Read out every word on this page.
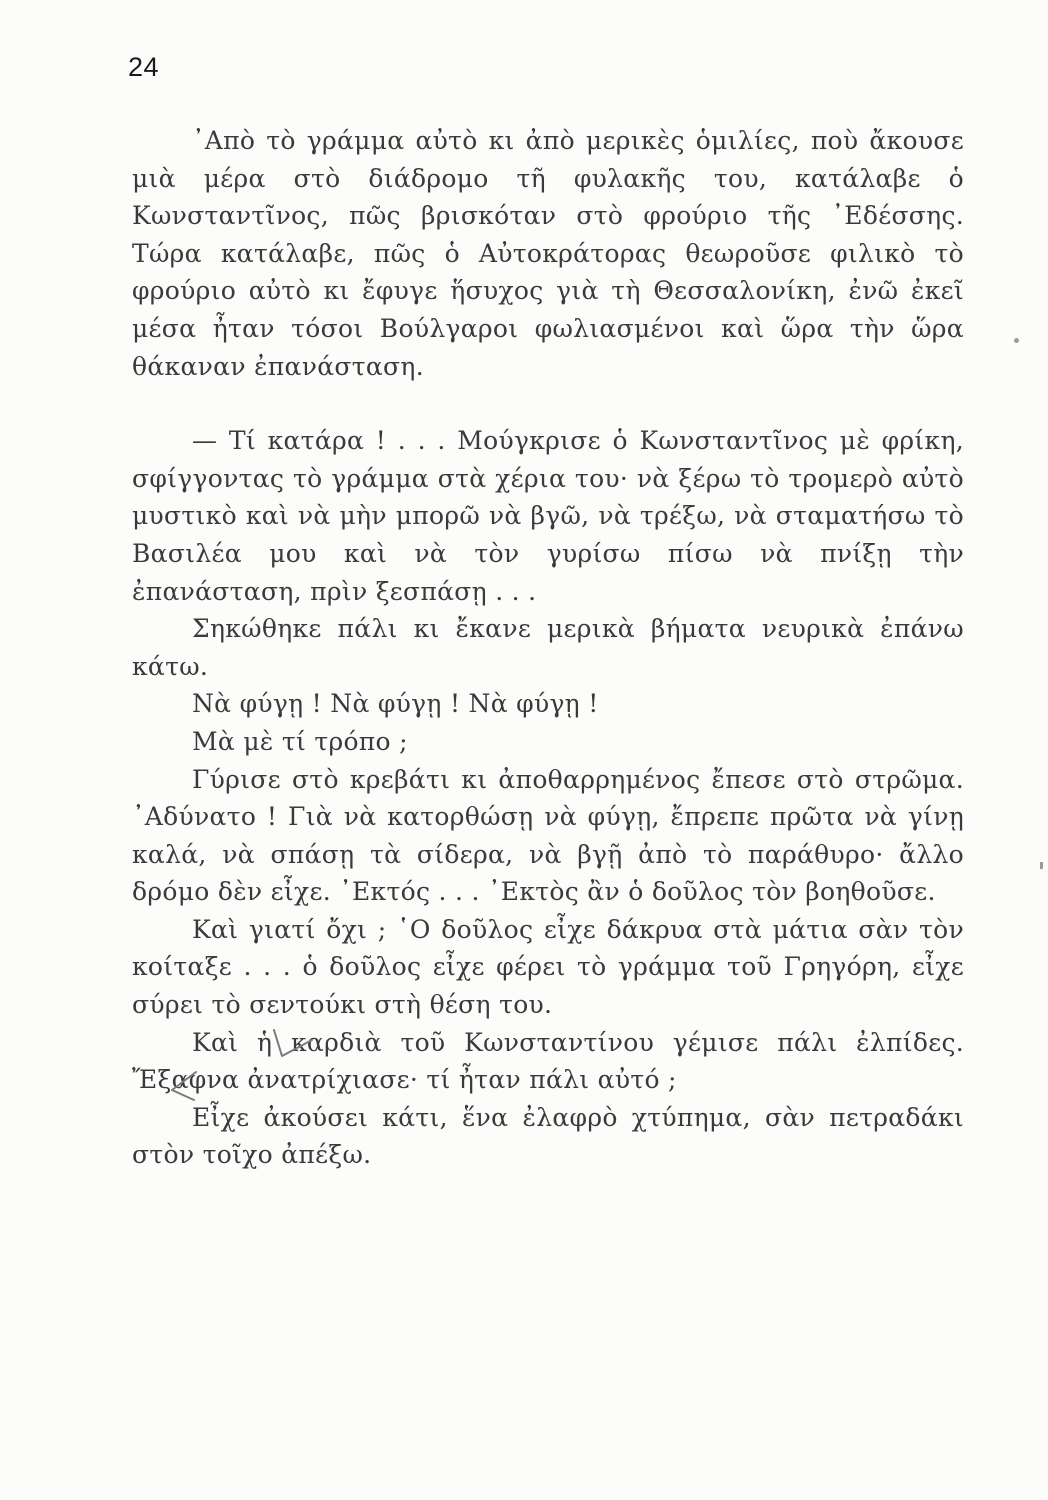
24

᾿Απὸ τὸ γράμμα αὐτὸ κι ἀπὸ μερικὲς ὁμιλίες, ποὺ ἄκουσε μιὰ μέρα στὸ διάδρομο τῆ φυλακῆς του, κατάλαβε ὁ Κωνσταντῖνος, πῶς βρισκόταν στὸ φρούριο τῆς ᾿Εδέσσης. Τώρα κατάλαβε, πῶς ὁ Αὐτοκράτορας θεωροῦσε φιλικὸ τὸ φρούριο αὐτὸ κι ἔφυγε ἥσυχος γιὰ τὴ Θεσσαλονίκη, ἐνῶ ἐκεῖ μέσα ἦταν τόσοι Βούλγαροι φωλιασμένοι καὶ ὥρα τὴν ὥρα θάκαναν ἐπανάσταση.

— Τί κατάρα ! . . . Μούγκρισε ὁ Κωνσταντῖνος μὲ φρίκη, σφίγγοντας τὸ γράμμα στὰ χέρια του· νὰ ξέρω τὸ τρομερὸ αὐτὸ μυστικὸ καὶ νὰ μὴν μπορῶ νὰ βγῶ, νὰ τρέξω, νὰ σταματήσω τὸ Βασιλέα μου καὶ νὰ τὸν γυρίσω πίσω νὰ πνίξῃ τὴν ἐπανάσταση, πρὶν ξεσπάσῃ . . .

Σηκώθηκε πάλι κι ἔκανε μερικὰ βήματα νευρικὰ ἐπάνω κάτω.

Νὰ φύγῃ ! Νὰ φύγῃ ! Νὰ φύγῃ !

Μὰ μὲ τί τρόπο ;

Γύρισε στὸ κρεβάτι κι ἀποθαρρημένος ἔπεσε στὸ στρῶμα. ᾿Αδύνατο ! Γιὰ νὰ κατορθώσῃ νὰ φύγῃ, ἔπρεπε πρῶτα νὰ γίνῃ καλά, νὰ σπάσῃ τὰ σίδερα, νὰ βγῇ ἀπὸ τὸ παράθυρο· ἄλλο δρόμο δὲν εἶχε. ᾿Εκτός . . . ᾿Εκτὸς ἂν ὁ δοῦλος τὸν βοηθοῦσε.

Καὶ γιατί ὄχι ; ῾Ο δοῦλος εἶχε δάκρυα στὰ μάτια σὰν τὸν κοίταξε . . . ὁ δοῦλος εἶχε φέρει τὸ γράμμα τοῦ Γρηγόρη, εἶχε σύρει τὸ σεντούκι στὴ θέση του.

Καὶ ἡ καρδιὰ τοῦ Κωνσταντίνου γέμισε πάλι ἐλπίδες. Ἔξαφνα ἀνατρίχιασε· τί ἦταν πάλι αὐτό ;

Εἶχε ἀκούσει κάτι, ἕνα ἐλαφρὸ χτύπημα, σὰν πετραδάκι στὸν τοῖχο ἀπέξω.
